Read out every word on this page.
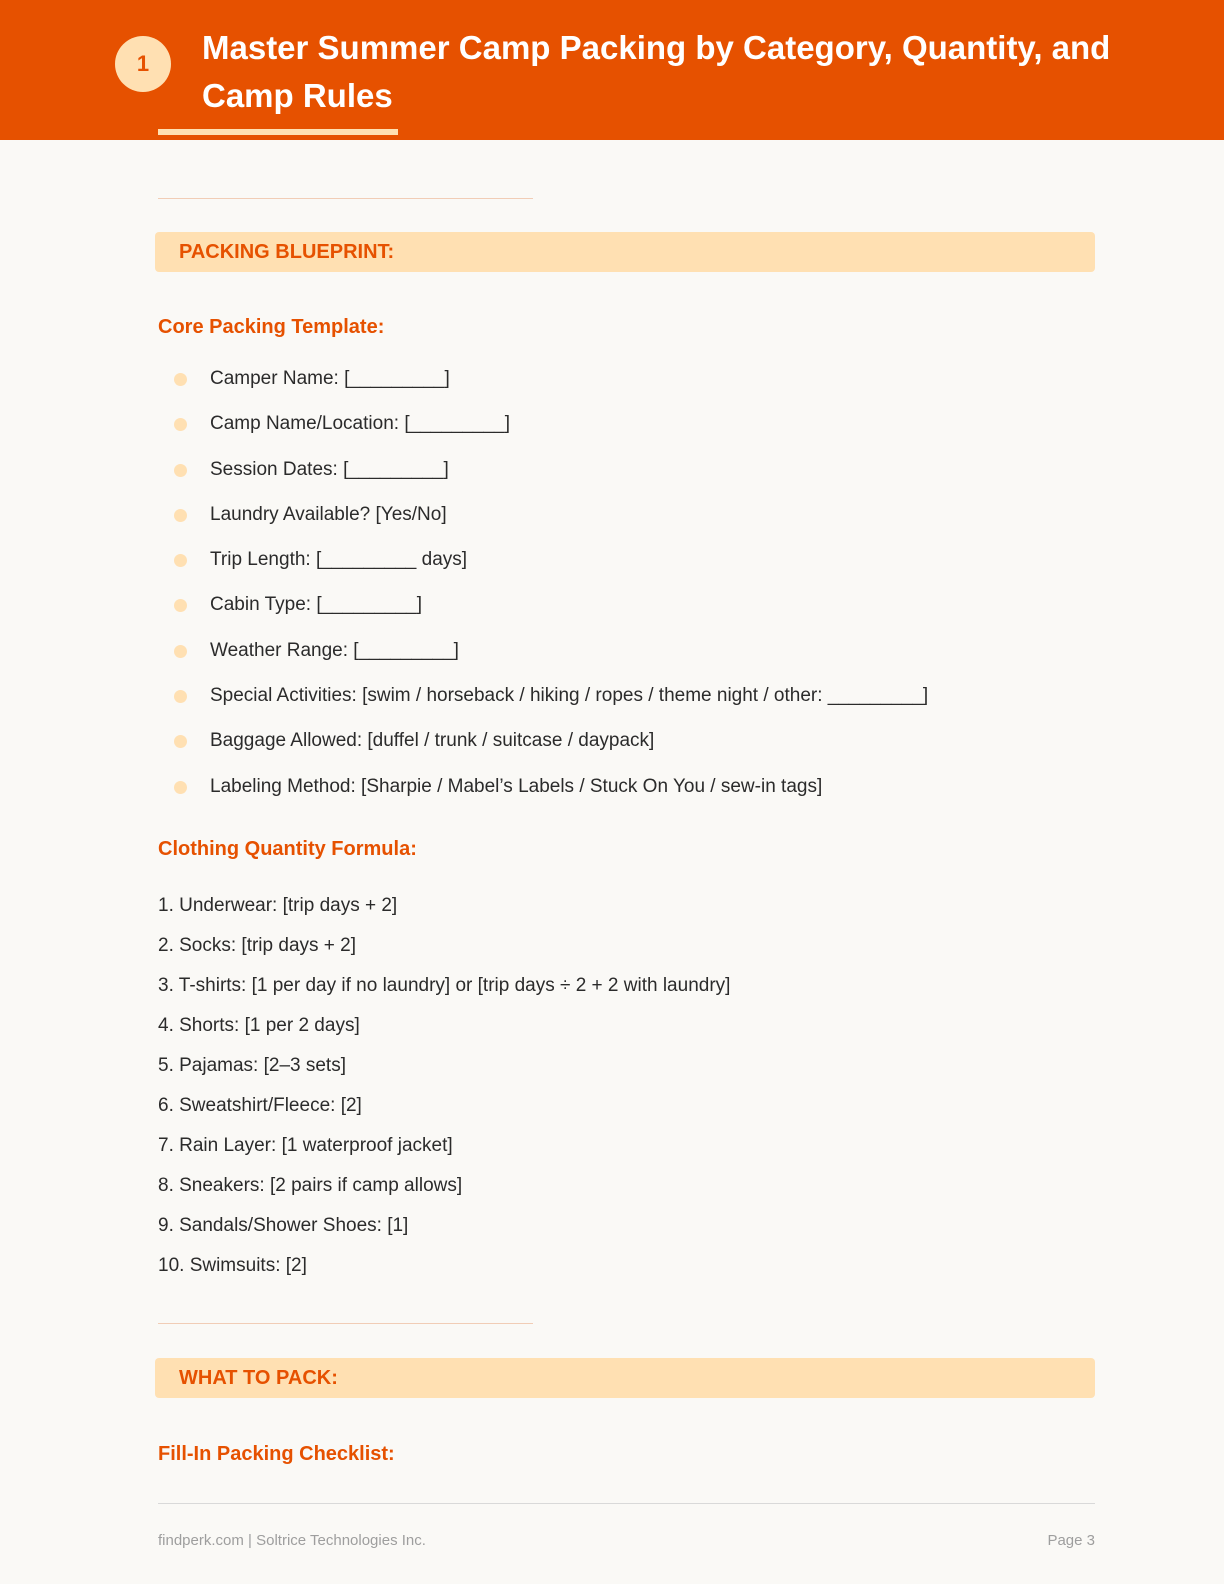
1	Master Summer Camp Packing by Category, Quantity, and Camp Rules
PACKING BLUEPRINT:
Core Packing Template:
Camper Name: [_________]
Camp Name/Location: [_________]
Session Dates: [_________]
Laundry Available? [Yes/No]
Trip Length: [_________ days]
Cabin Type: [_________]
Weather Range: [_________]
Special Activities: [swim / horseback / hiking / ropes / theme night / other: _________]
Baggage Allowed: [duffel / trunk / suitcase / daypack]
Labeling Method: [Sharpie / Mabel’s Labels / Stuck On You / sew-in tags]
Clothing Quantity Formula:
1. Underwear: [trip days + 2]
2. Socks: [trip days + 2]
3. T-shirts: [1 per day if no laundry] or [trip days ÷ 2 + 2 with laundry]
4. Shorts: [1 per 2 days]
5. Pajamas: [2–3 sets]
6. Sweatshirt/Fleece: [2]
7. Rain Layer: [1 waterproof jacket]
8. Sneakers: [2 pairs if camp allows]
9. Sandals/Shower Shoes: [1]
10. Swimsuits: [2]
WHAT TO PACK:
Fill-In Packing Checklist:
findperk.com | Soltrice Technologies Inc.	Page 3
